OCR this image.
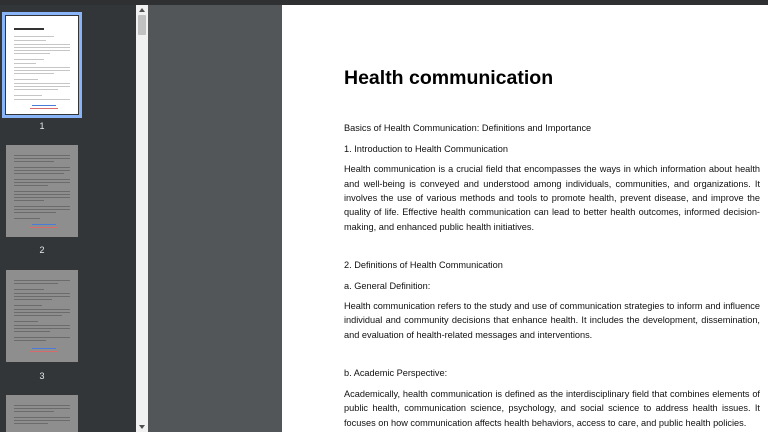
1
2
3
Health communication
Basics of Health Communication: Definitions and Importance
1. Introduction to Health Communication
Health communication is a crucial field that encompasses the ways in which information about health and well-being is conveyed and understood among individuals, communities, and organizations. It involves the use of various methods and tools to promote health, prevent disease, and improve the quality of life. Effective health communication can lead to better health outcomes, informed decision-making, and enhanced public health initiatives.
2. Definitions of Health Communication
a. General Definition:
Health communication refers to the study and use of communication strategies to inform and influence individual and community decisions that enhance health. It includes the development, dissemination, and evaluation of health-related messages and interventions.
b. Academic Perspective:
Academically, health communication is defined as the interdisciplinary field that combines elements of public health, communication science, psychology, and social science to address health issues. It focuses on how communication affects health behaviors, access to care, and public health policies.
